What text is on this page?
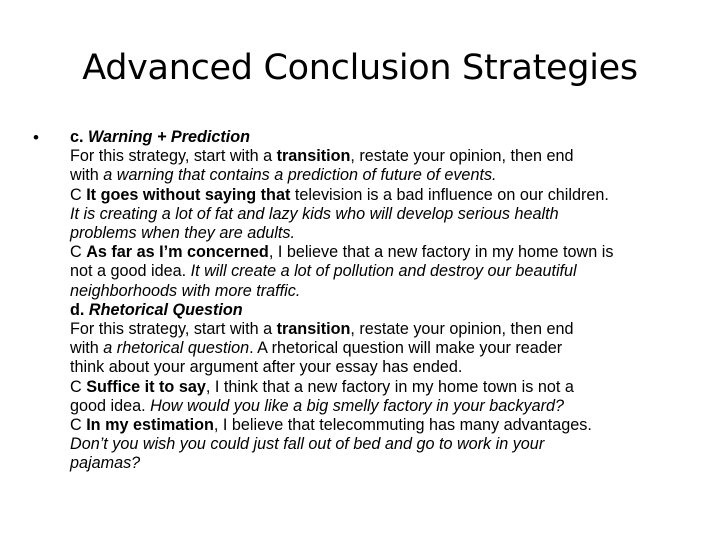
Advanced Conclusion Strategies
• c. Warning + Prediction
For this strategy, start with a transition, restate your opinion, then end
with a warning that contains a prediction of future of events.
C It goes without saying that television is a bad influence on our children.
It is creating a lot of fat and lazy kids who will develop serious health
problems when they are adults.
C As far as I’m concerned, I believe that a new factory in my home town is
not a good idea. It will create a lot of pollution and destroy our beautiful
neighborhoods with more traffic.
d. Rhetorical Question
For this strategy, start with a transition, restate your opinion, then end
with a rhetorical question. A rhetorical question will make your reader
think about your argument after your essay has ended.
C Suffice it to say, I think that a new factory in my home town is not a
good idea. How would you like a big smelly factory in your backyard?
C In my estimation, I believe that telecommuting has many advantages.
Don’t you wish you could just fall out of bed and go to work in your
pajamas?
